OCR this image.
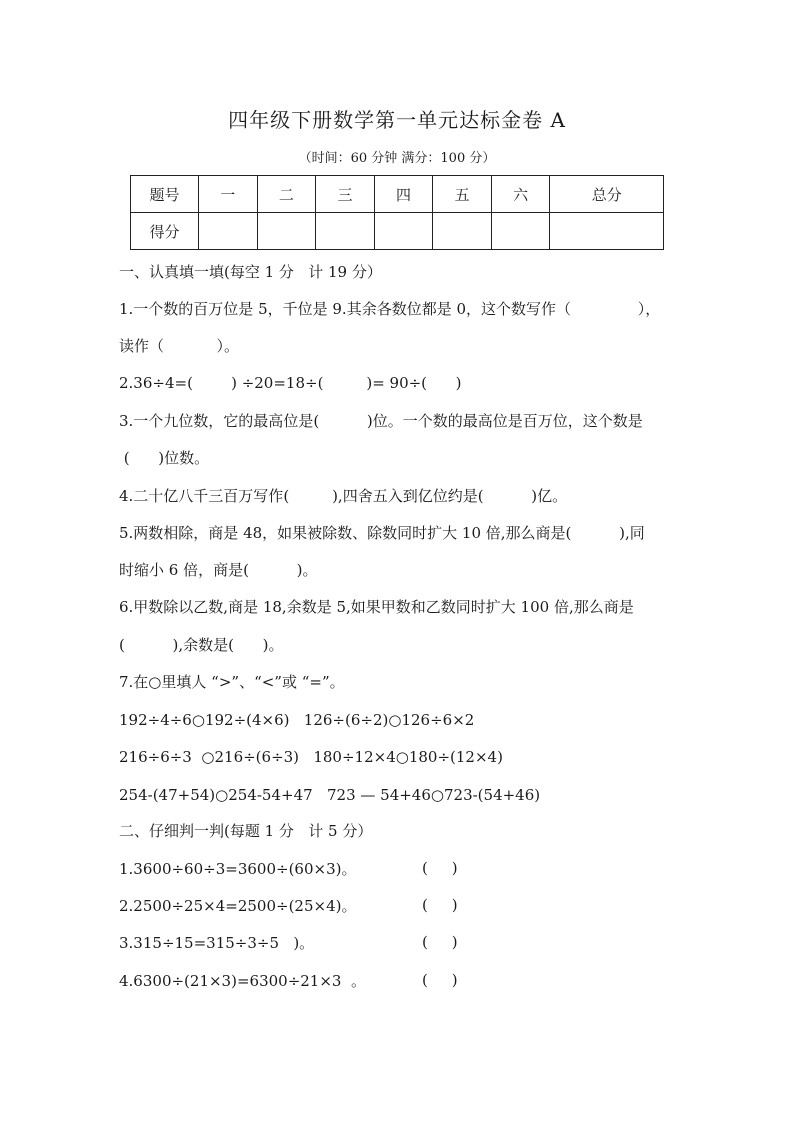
四年级下册数学第一单元达标金卷 A
（时间：60 分钟 满分：100 分）
题号	一	二	三	四	五	六	总分
得分							
一、认真填一填(每空 1 分   计 19 分）
1.一个数的百万位是 5，千位是 9.其余各数位都是 0，这个数写作（              ），
读作（           ）。
2.36÷4=(        ) ÷20=18÷(         )= 90÷(      )
3.一个九位数，它的最高位是(          )位。一个数的最高位是百万位，这个数是
(      )位数。
4.二十亿八千三百万写作(         ),四舍五入到亿位约是(          )亿。
5.两数相除，商是 48，如果被除数、除数同时扩大 10 倍,那么商是(          ),同
时缩小 6 倍，商是(          )。
6.甲数除以乙数,商是 18,余数是 5,如果甲数和乙数同时扩大 100 倍,那么商是
(          ),余数是(      )。
7.在○里填人 “>”、“<”或 “=”。
192÷4÷6○192÷(4×6)   126÷(6÷2)○126÷6×2
216÷6÷3  ○216÷(6÷3)   180÷12×4○180÷(12×4)
254-(47+54)○254-54+47   723 — 54+46○723-(54+46)
二、仔细判一判(每题 1 分   计 5 分）
1.3600÷60÷3=3600÷(60×3)。	(     )
2.2500÷25×4=2500÷(25×4)。	(     )
3.315÷15=315÷3÷5   )。	(     )
4.6300÷(21×3)=6300÷21×3  。	(     )
